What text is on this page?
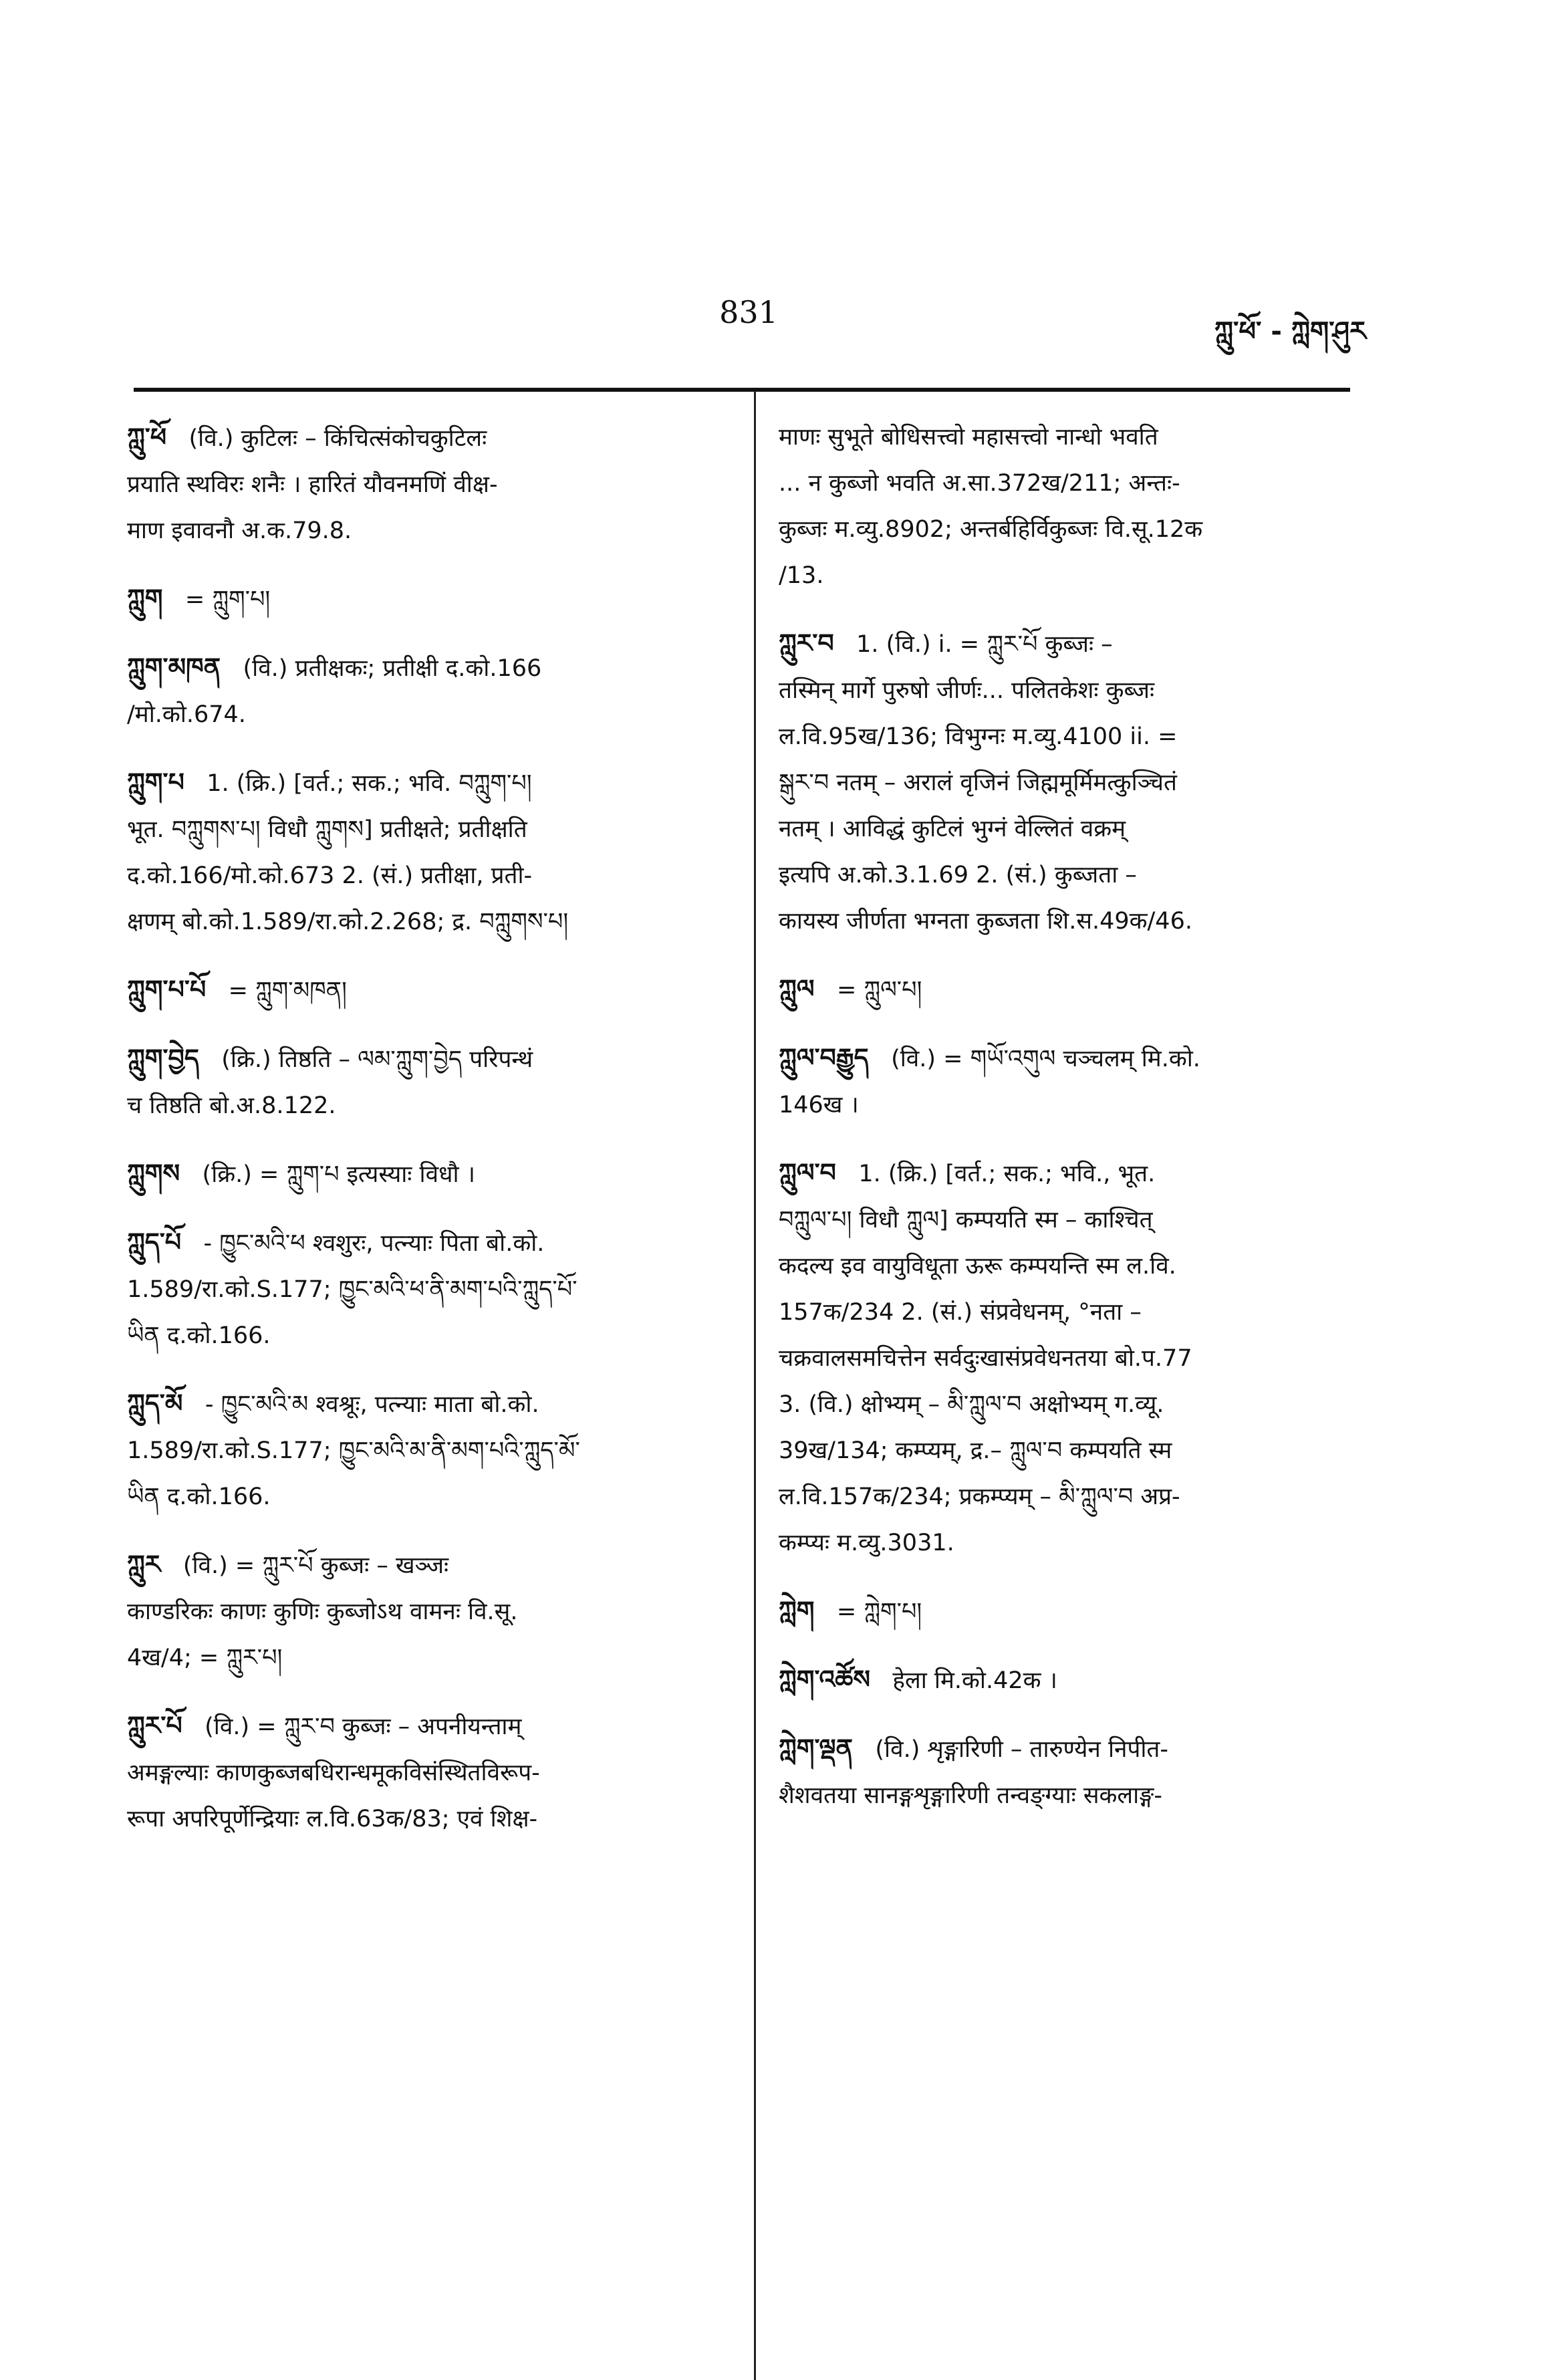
831
ཀླུ་ཕོ་ - ཀླེག་ཤུར
ཀླུ་ཕོ (वि.) कुटिलः – किंचित्संकोचकुटिलः
प्रयाति स्थविरः शनैः । हारितं यौवनमणिं वीक्ष-
माण इवावनौ अ.क.79.8.
ཀླུག = ཀླུག་པ།
ཀླུག་མཁན (वि.) प्रतीक्षकः; प्रतीक्षी द.को.166
/मो.को.674.
ཀླུག་པ 1. (क्रि.) [वर्त.; सक.; भवि. བཀླུག་པ།
भूत. བཀླུགས་པ། विधौ ཀླུགས] प्रतीक्षते; प्रतीक्षति
द.को.166/मो.को.673 2. (सं.) प्रतीक्षा, प्रती-
क्षणम् बो.को.1.589/रा.को.2.268; द्र. བཀླུགས་པ།
ཀླུག་པ་པོ = ཀླུག་མཁན།
ཀླུག་བྱེད (क्रि.) तिष्ठति – ལམ་ཀླུག་བྱེད परिपन्थं
च तिष्ठति बो.अ.8.122.
ཀླུགས (क्रि.) = ཀླུག་པ इत्यस्याः विधौ ।
ཀླུད་པོ - ཁྱུང་མའི་ཕ श्वशुरः, पत्न्याः पिता बो.को.
1.589/रा.को.S.177; ཁྱུང་མའི་ཕ་ནི་མག་པའི་ཀླུད་པོ་
ཡིན द.को.166.
ཀླུད་མོ - ཁྱུང་མའི་མ श्वश्रूः, पत्न्याः माता बो.को.
1.589/रा.को.S.177; ཁྱུང་མའི་མ་ནི་མག་པའི་ཀླུད་མོ་
ཡིན द.को.166.
ཀླུར (वि.) = ཀླུར་པོ कुब्जः – खञ्जः
काण्डरिकः काणः कुणिः कुब्जोऽथ वामनः वि.सू.
4ख/4; = ཀླུར་པ།
ཀླུར་པོ (वि.) = ཀླུར་བ कुब्जः – अपनीयन्ताम्
अमङ्गल्याः काणकुब्जबधिरान्धमूकविसंस्थितविरूप-
रूपा अपरिपूर्णेन्द्रियाः ल.वि.63क/83; एवं शिक्ष-
माणः सुभूते बोधिसत्त्वो महासत्त्वो नान्धो भवति
... न कुब्जो भवति अ.सा.372ख/211; अन्तः-
कुब्जः म.व्यु.8902; अन्तर्बहिर्विकुब्जः वि.सू.12क
/13.
ཀླུར་བ 1. (वि.) i. = ཀླུར་པོ कुब्जः –
तस्मिन् मार्गे पुरुषो जीर्णः... पलितकेशः कुब्जः
ल.वि.95ख/136; विभुग्नः म.व्यु.4100 ii. =
སྒུར་བ नतम् – अरालं वृजिनं जिह्ममूर्मिमत्कुञ्चितं
नतम् । आविद्धं कुटिलं भुग्नं वेल्लितं वक्रम्
इत्यपि अ.को.3.1.69 2. (सं.) कुब्जता –
कायस्य जीर्णता भग्नता कुब्जता शि.स.49क/46.
ཀླུལ = ཀླུལ་པ།
ཀླུལ་བརྒྱུད (वि.) = གཡོ་འགུལ चञ्चलम् मि.को.
146ख ।
ཀླུལ་བ 1. (क्रि.) [वर्त.; सक.; भवि., भूत.
བཀླུལ་པ། विधौ ཀླུལ] कम्पयति स्म – काश्चित्
कदल्य इव वायुविधूता ऊरू कम्पयन्ति स्म ल.वि.
157क/234 2. (सं.) संप्रवेधनम्, °नता –
चक्रवालसमचित्तेन सर्वदुःखासंप्रवेधनतया बो.प.77
3. (वि.) क्षोभ्यम् – མི་ཀླུལ་བ अक्षोभ्यम् ग.व्यू.
39ख/134; कम्प्यम्, द्र.– ཀླུལ་བ कम्पयति स्म
ल.वि.157क/234; प्रकम्प्यम् – མི་ཀླུལ་བ अप्र-
कम्प्यः म.व्यु.3031.
ཀླེག = ཀླེག་པ།
ཀླེག་འཚོས हेला मि.को.42क ।
ཀླེག་ལྡན (वि.) शृङ्गारिणी – तारुण्येन निपीत-
शैशवतया सानङ्गशृङ्गारिणी तन्वङ्ग्याः सकलाङ्ग-
